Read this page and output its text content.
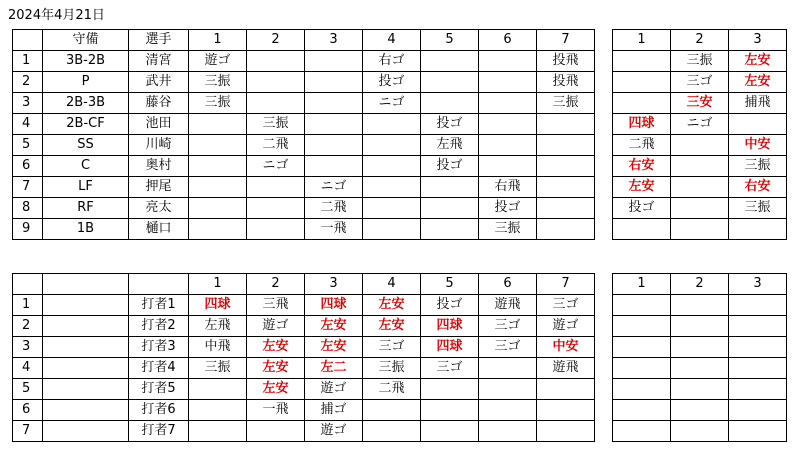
2024年4月21日
	守備	選手	1	2	3	4	5	6	7
1	3B-2B	清宮	遊ゴ			右ゴ			投飛
2	P	武井	三振			投ゴ			投飛
3	2B-3B	藤谷	三振			ニゴ			三振
4	2B-CF	池田		三振			投ゴ		
5	SS	川崎		二飛			左飛		
6	C	奥村		ニゴ			投ゴ		
7	LF	押尾			ニゴ			右飛	
8	RF	亮太			二飛			投ゴ	
9	1B	樋口			一飛			三振	
1	2	3
	三振	左安
	三ゴ	左安
	三安	捕飛
四球	ニゴ	
二飛		中安
右安		三振
左安		右安
投ゴ		三振

			1	2	3	4	5	6	7
1		打者1	四球	三飛	四球	左安	投ゴ	遊飛	三ゴ
2		打者2	左飛	遊ゴ	左安	左安	四球	三ゴ	遊ゴ
3		打者3	中飛	左安	左安	三ゴ	四球	三ゴ	中安
4		打者4	三振	左安	左二	三振	三ゴ		遊飛
5		打者5		左安	遊ゴ	二飛			
6		打者6		一飛	捕ゴ				
7		打者7			遊ゴ				
1	2	3
